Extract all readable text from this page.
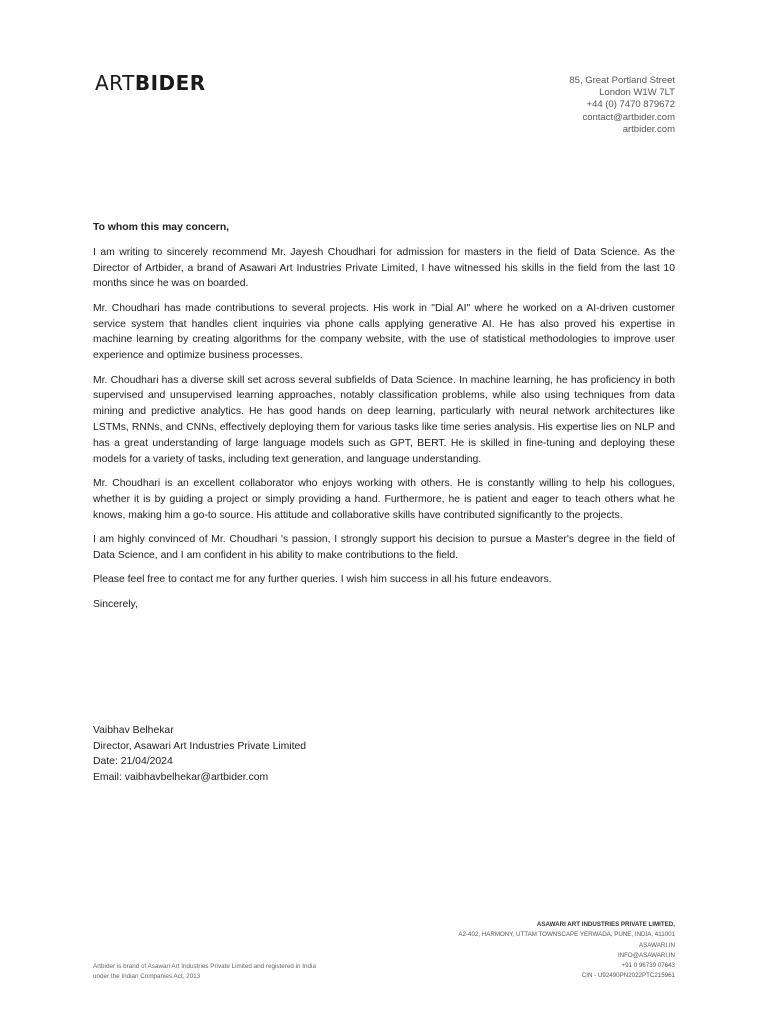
ARTBIDER	85, Great Portland Street
London W1W 7LT
+44 (0) 7470 879672
contact@artbider.com
artbider.com

To whom this may concern,

I am writing to sincerely recommend Mr. Jayesh Choudhari for admission for masters in the field of Data Science. As the Director of Artbider, a brand of Asawari Art Industries Private Limited, I have witnessed his skills in the field from the last 10 months since he was on boarded.

Mr. Choudhari has made contributions to several projects. His work in "Dial AI" where he worked on a AI-driven customer service system that handles client inquiries via phone calls applying generative AI. He has also proved his expertise in machine learning by creating algorithms for the company website, with the use of statistical methodologies to improve user experience and optimize business processes.

Mr. Choudhari has a diverse skill set across several subfields of Data Science. In machine learning, he has proficiency in both supervised and unsupervised learning approaches, notably classification problems, while also using techniques from data mining and predictive analytics. He has good hands on deep learning, particularly with neural network architectures like LSTMs, RNNs, and CNNs, effectively deploying them for various tasks like time series analysis. His expertise lies on NLP and has a great understanding of large language models such as GPT, BERT. He is skilled in fine-tuning and deploying these models for a variety of tasks, including text generation, and language understanding.

Mr. Choudhari is an excellent collaborator who enjoys working with others. He is constantly willing to help his collogues, whether it is by guiding a project or simply providing a hand. Furthermore, he is patient and eager to teach others what he knows, making him a go-to source. His attitude and collaborative skills have contributed significantly to the projects.

I am highly convinced of Mr. Choudhari 's passion, I strongly support his decision to pursue a Master's degree in the field of Data Science, and I am confident in his ability to make contributions to the field.

Please feel free to contact me for any further queries. I wish him success in all his future endeavors.

Sincerely,

Vaibhav Belhekar
Director, Asawari Art Industries Private Limited
Date: 21/04/2024
Email: vaibhavbelhekar@artbider.com
Artbider is brand of Asawari Art Industries Private Limited and registered in India
under the Indian Companies Act, 2013
ASAWARI ART INDUSTRIES PRIVATE LIMITED,
A2-402, HARMONY, UTTAM TOWNSCAPE YERWADA, PUNE, INDIA, 411001
ASAWARI.IN
INFO@ASAWARI.IN
+91 0 96739 07643
CIN - U92490PN2022PTC215961
